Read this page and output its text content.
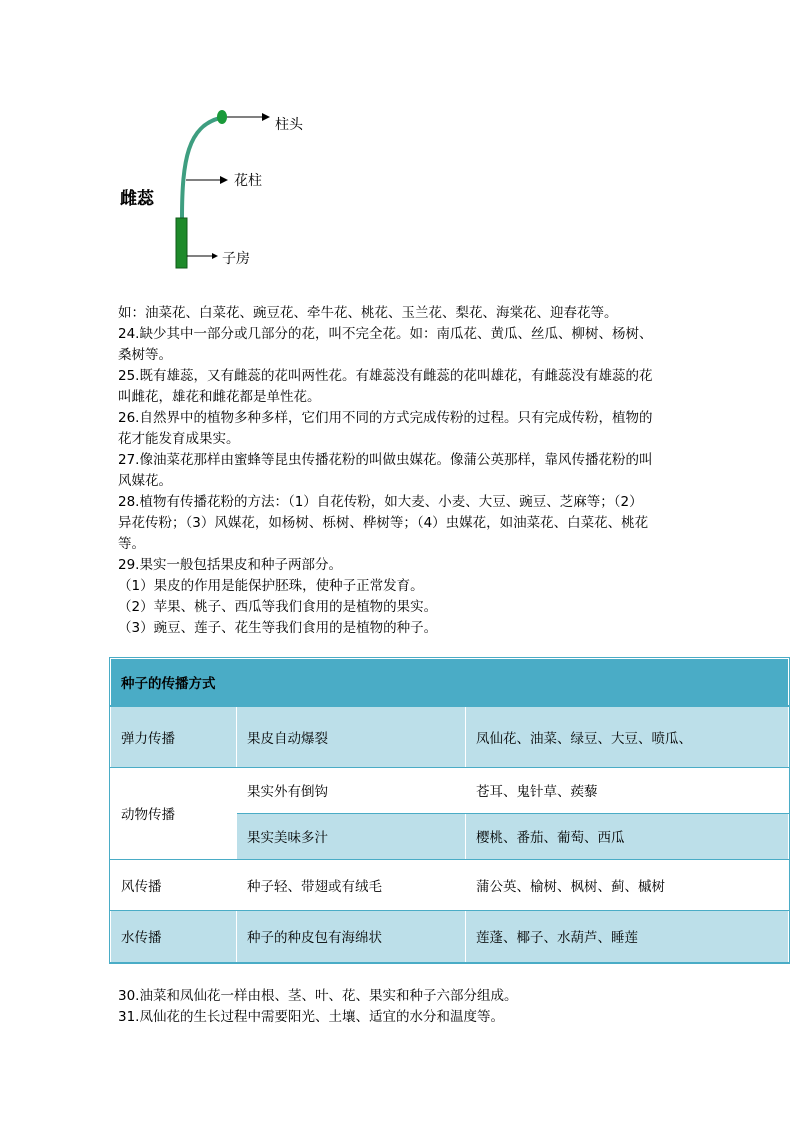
柱头
花柱
子房
雌蕊

如：油菜花、白菜花、豌豆花、牵牛花、桃花、玉兰花、梨花、海棠花、迎春花等。

24.缺少其中一部分或几部分的花，叫不完全花。如：南瓜花、黄瓜、丝瓜、柳树、杨树、

桑树等。

25.既有雄蕊，又有雌蕊的花叫两性花。有雄蕊没有雌蕊的花叫雄花，有雌蕊没有雄蕊的花

叫雌花，雄花和雌花都是单性花。

26.自然界中的植物多种多样，它们用不同的方式完成传粉的过程。只有完成传粉，植物的

花才能发育成果实。

27.像油菜花那样由蜜蜂等昆虫传播花粉的叫做虫媒花。像蒲公英那样，靠风传播花粉的叫

风媒花。

28.植物有传播花粉的方法：（1）自花传粉，如大麦、小麦、大豆、豌豆、芝麻等；（2）

异花传粉；（3）风媒花，如杨树、栎树、桦树等；（4）虫媒花，如油菜花、白菜花、桃花

等。

29.果实一般包括果皮和种子两部分。

（1）果皮的作用是能保护胚珠，使种子正常发育。

（2）苹果、桃子、西瓜等我们食用的是植物的果实。

（3）豌豆、莲子、花生等我们食用的是植物的种子。

种子的传播方式		
弹力传播	果皮自动爆裂	凤仙花、油菜、绿豆、大豆、喷瓜、
动物传播	果实外有倒钩	苍耳、鬼针草、蒺藜
	果实美味多汁	樱桃、番茄、葡萄、西瓜
风传播	种子轻、带翅或有绒毛	蒲公英、榆树、枫树、蓟、槭树
水传播	种子的种皮包有海绵状	莲蓬、椰子、水葫芦、睡莲

30.油菜和凤仙花一样由根、茎、叶、花、果实和种子六部分组成。

31.凤仙花的生长过程中需要阳光、土壤、适宜的水分和温度等。
